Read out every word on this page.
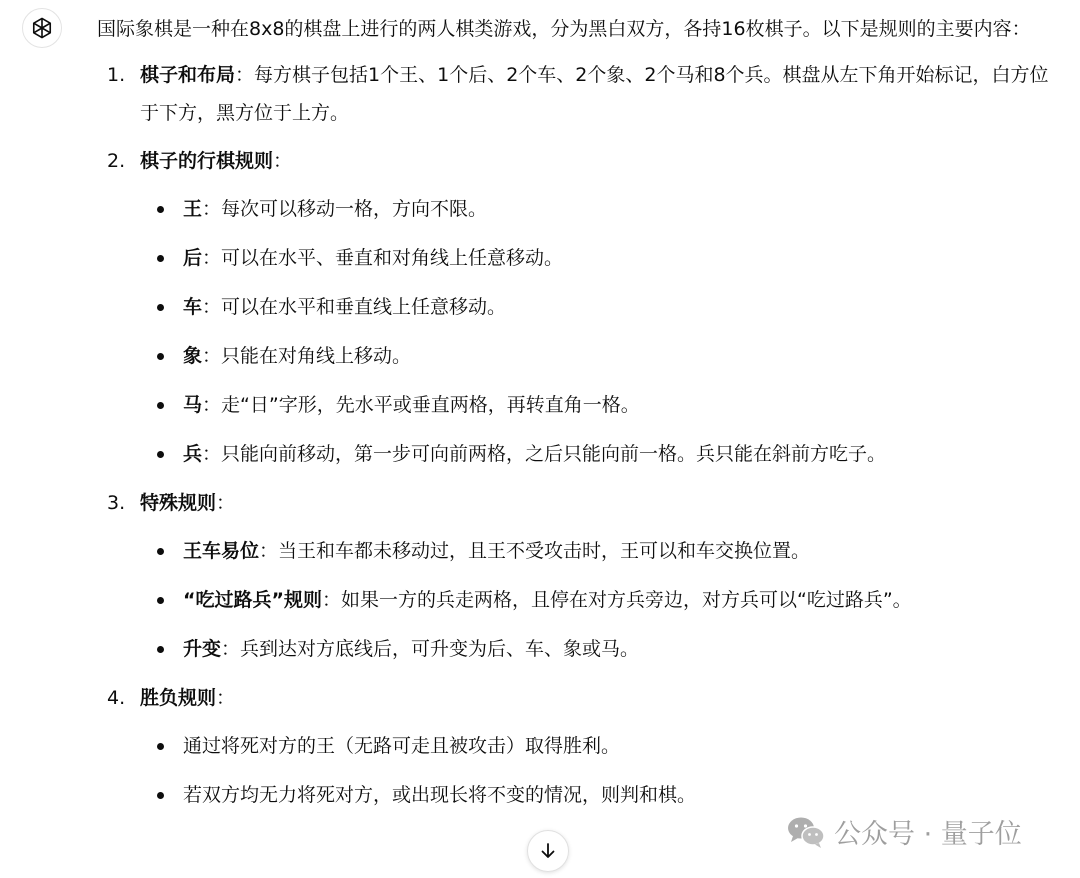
国际象棋是一种在8x8的棋盘上进行的两人棋类游戏，分为黑白双方，各持16枚棋子。以下是规则的主要内容：

1. 棋子和布局：每方棋子包括1个王、1个后、2个车、2个象、2个马和8个兵。棋盘从左下角开始标记，白方位于下方，黑方位于上方。
2. 棋子的行棋规则：
王：每次可以移动一格，方向不限。
后：可以在水平、垂直和对角线上任意移动。
车：可以在水平和垂直线上任意移动。
象：只能在对角线上移动。
马：走“日”字形，先水平或垂直两格，再转直角一格。
兵：只能向前移动，第一步可向前两格，之后只能向前一格。兵只能在斜前方吃子。
3. 特殊规则：
王车易位：当王和车都未移动过，且王不受攻击时，王可以和车交换位置。
“吃过路兵”规则：如果一方的兵走两格，且停在对方兵旁边，对方兵可以“吃过路兵”。
升变：兵到达对方底线后，可升变为后、车、象或马。
4. 胜负规则：
通过将死对方的王（无路可走且被攻击）取得胜利。
若双方均无力将死对方，或出现长将不变的情况，则判和棋。
公众号 · 量子位
